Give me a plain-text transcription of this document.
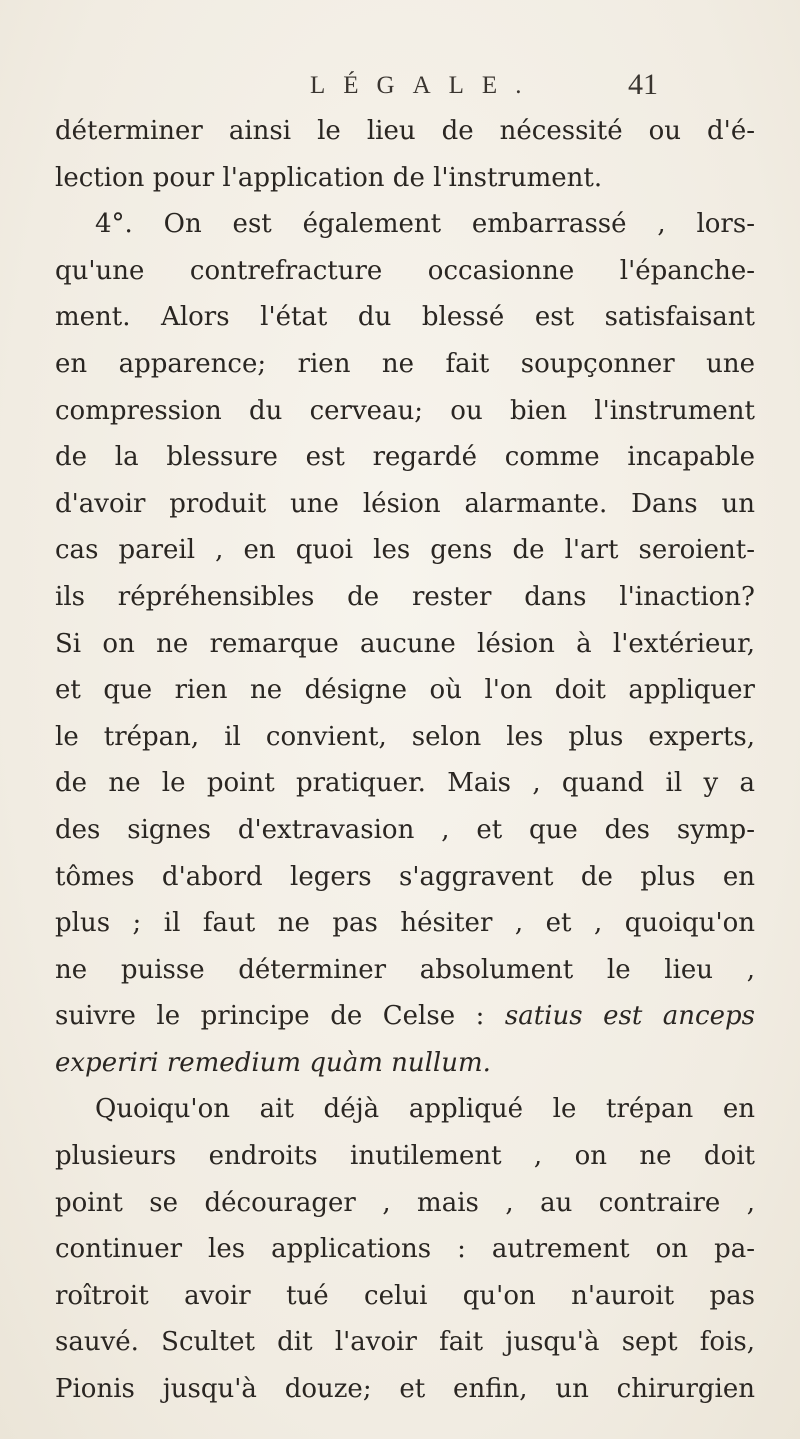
LÉGALE.	41
déterminer ainsi le lieu de nécessité ou d'é-
lection pour l'application de l'instrument.
4°. On est également embarrassé , lors-
qu'une contrefracture occasionne l'épanche-
ment. Alors l'état du blessé est satisfaisant
en apparence; rien ne fait soupçonner une
compression du cerveau; ou bien l'instrument
de la blessure est regardé comme incapable
d'avoir produit une lésion alarmante. Dans un
cas pareil , en quoi les gens de l'art seroient-
ils répréhensibles de rester dans l'inaction?
Si on ne remarque aucune lésion à l'extérieur,
et que rien ne désigne où l'on doit appliquer
le trépan, il convient, selon les plus experts,
de ne le point pratiquer. Mais , quand il y a
des signes d'extravasion , et que des symp-
tômes d'abord legers s'aggravent de plus en
plus ; il faut ne pas hésiter , et , quoiqu'on
ne puisse déterminer absolument le lieu ,
suivre le principe de Celse : satius est anceps
experiri remedium quàm nullum.
Quoiqu'on ait déjà appliqué le trépan en
plusieurs endroits inutilement , on ne doit
point se décourager , mais , au contraire ,
continuer les applications : autrement on pa-
roîtroit avoir tué celui qu'on n'auroit pas
sauvé. Scultet dit l'avoir fait jusqu'à sept fois,
Pionis jusqu'à douze; et enfin, un chirurgien
